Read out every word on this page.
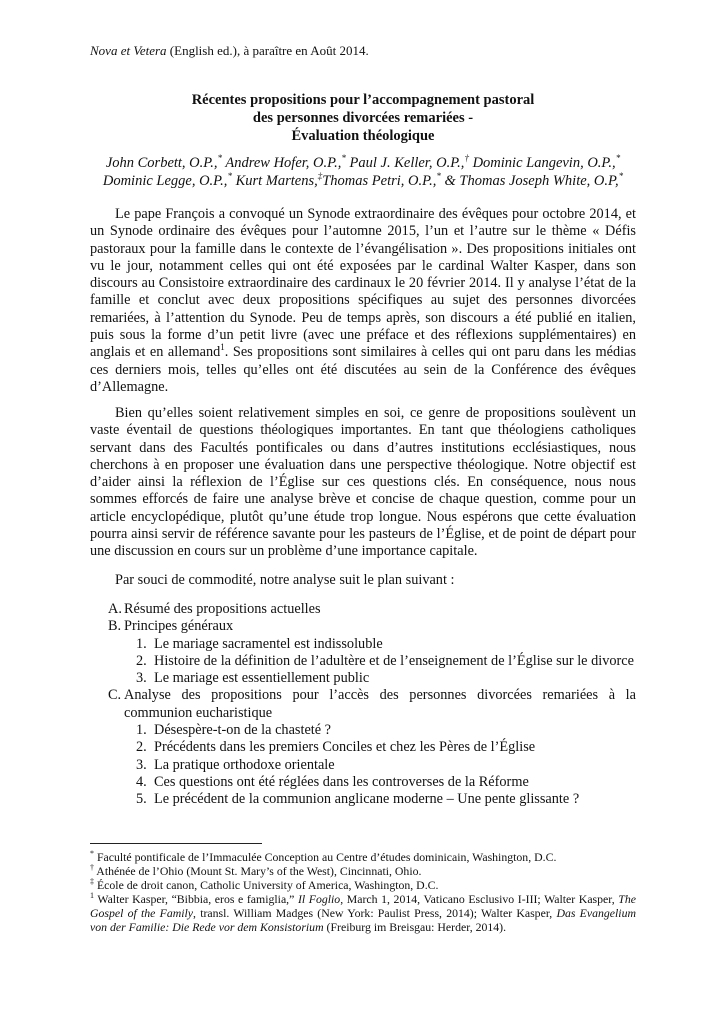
Nova et Vetera (English ed.), à paraître en Août 2014.
Récentes propositions pour l’accompagnement pastoral
des personnes divorcées remariées -
Évaluation théologique
John Corbett, O.P.,* Andrew Hofer, O.P.,* Paul J. Keller, O.P.,† Dominic Langevin, O.P.,*
Dominic Legge, O.P.,* Kurt Martens,‡Thomas Petri, O.P.,* & Thomas Joseph White, O.P,*
Le pape François a convoqué un Synode extraordinaire des évêques pour octobre 2014, et un Synode ordinaire des évêques pour l’automne 2015, l’un et l’autre sur le thème « Défis pastoraux pour la famille dans le contexte de l’évangélisation ». Des propositions initiales ont vu le jour, notamment celles qui ont été exposées par le cardinal Walter Kasper, dans son discours au Consistoire extraordinaire des cardinaux le 20 février 2014. Il y analyse l’état de la famille et conclut avec deux propositions spécifiques au sujet des personnes divorcées remariées, à l’attention du Synode. Peu de temps après, son discours a été publié en italien, puis sous la forme d’un petit livre (avec une préface et des réflexions supplémentaires) en anglais et en allemand$^1$. Ses propositions sont similaires à celles qui ont paru dans les médias ces derniers mois, telles qu’elles ont été discutées au sein de la Conférence des évêques d’Allemagne.
Bien qu’elles soient relativement simples en soi, ce genre de propositions soulèvent un vaste éventail de questions théologiques importantes. En tant que théologiens catholiques servant dans des Facultés pontificales ou dans d’autres institutions ecclésiastiques, nous cherchons à en proposer une évaluation dans une perspective théologique. Notre objectif est d’aider ainsi la réflexion de l’Église sur ces questions clés. En conséquence, nous nous sommes efforcés de faire une analyse brève et concise de chaque question, comme pour un article encyclopédique, plutôt qu’une étude trop longue. Nous espérons que cette évaluation pourra ainsi servir de référence savante pour les pasteurs de l’Église, et de point de départ pour une discussion en cours sur un problème d’une importance capitale.
Par souci de commodité, notre analyse suit le plan suivant :
A. Résumé des propositions actuelles
B. Principes généraux
1. Le mariage sacramentel est indissoluble
2. Histoire de la définition de l’adultère et de l’enseignement de l’Église sur le divorce
3. Le mariage est essentiellement public
C. Analyse des propositions pour l’accès des personnes divorcées remariées à la communion eucharistique
1. Désespère-t-on de la chasteté ?
2. Précédents dans les premiers Conciles et chez les Pères de l’Église
3. La pratique orthodoxe orientale
4. Ces questions ont été réglées dans les controverses de la Réforme
5. Le précédent de la communion anglicane moderne – Une pente glissante ?
* Faculté pontificale de l’Immaculée Conception au Centre d’études dominicain, Washington, D.C.
† Athénée de l’Ohio (Mount St. Mary’s of the West), Cincinnati, Ohio.
‡ École de droit canon, Catholic University of America, Washington, D.C.
$^1$ Walter Kasper, “Bibbia, eros e famiglia,” Il Foglio, March 1, 2014, Vaticano Esclusivo I-III; Walter Kasper, The Gospel of the Family, transl. William Madges (New York: Paulist Press, 2014); Walter Kasper, Das Evangelium von der Familie: Die Rede vor dem Konsistorium (Freiburg im Breisgau: Herder, 2014).
